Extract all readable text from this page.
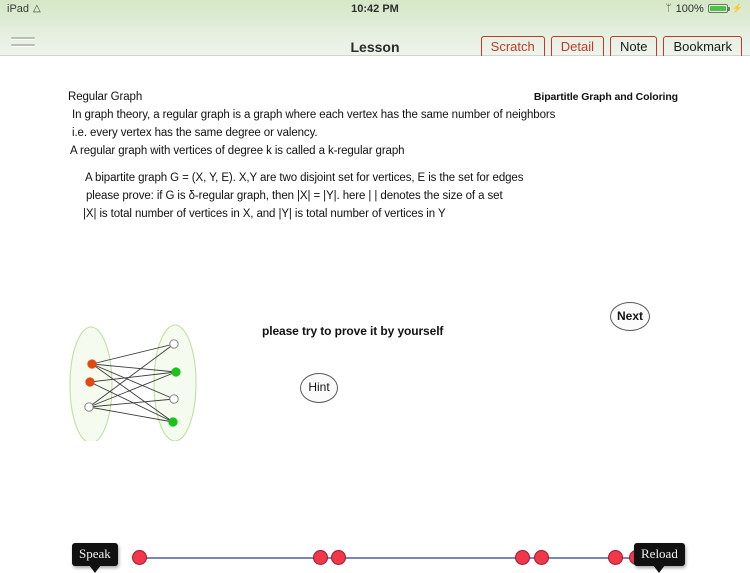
iPad △	10:42 PM	ᛘ 100%	⚡
Lesson	Scratch	Detail	Note	Bookmark
Regular Graph	Bipartitle Graph and Coloring
In graph theory, a regular graph is a graph where each vertex has the same number of neighbors
i.e. every vertex has the same degree or valency.
A regular graph with vertices of degree k is called a k-regular graph
A bipartite graph G = (X, Y, E). X,Y are two disjoint set for vertices, E is the set for edges
please prove: if G is δ-regular graph, then |X| = |Y|. here | | denotes the size of a set
|X| is total number of vertices in X, and |Y| is total number of vertices in Y
please try to prove it by yourself
Hint
Next
Speak	Reload
